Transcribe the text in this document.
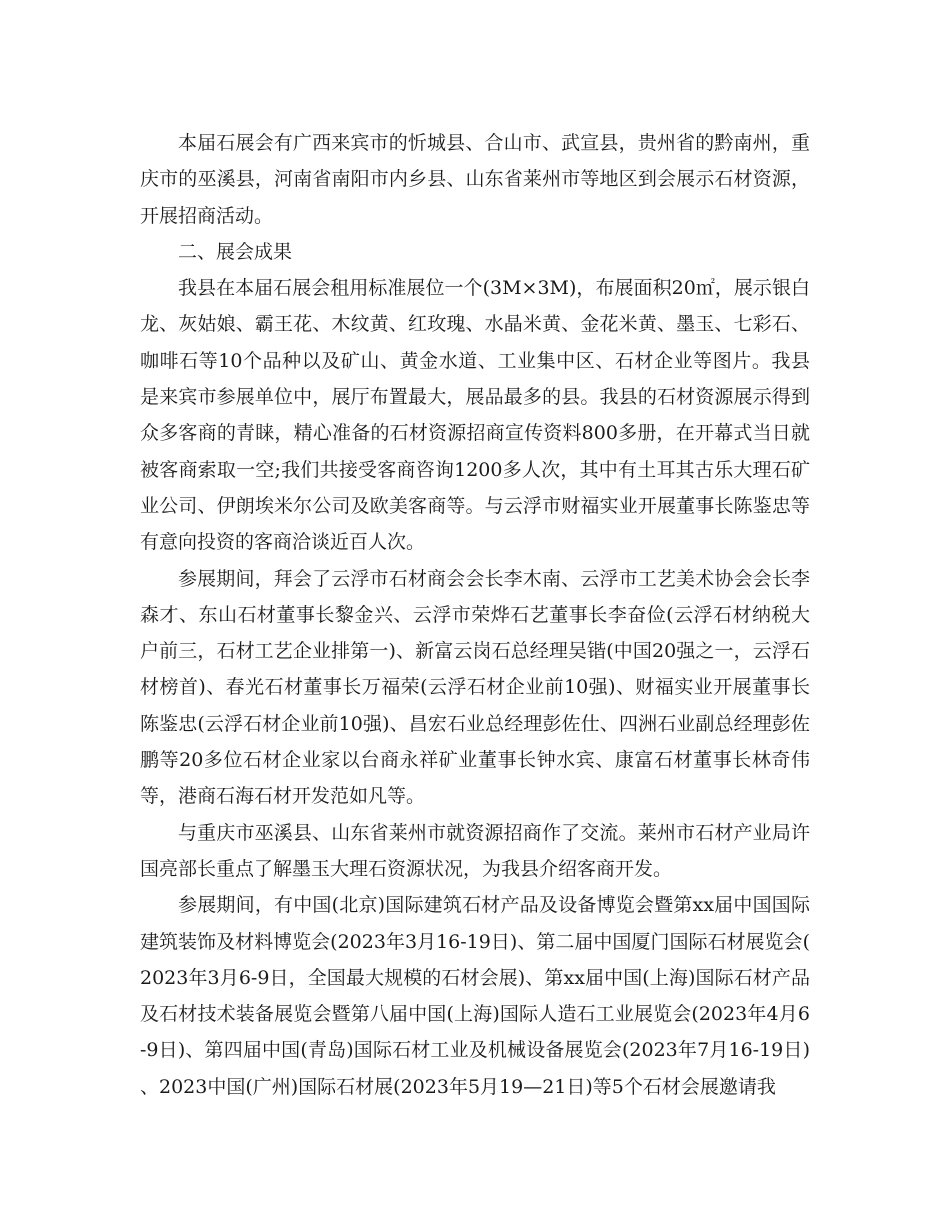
本届石展会有广西来宾市的忻城县、合山市、武宣县，贵州省的黔南州，重庆市的巫溪县，河南省南阳市内乡县、山东省莱州市等地区到会展示石材资源，开展招商活动。

二、展会成果

我县在本届石展会租用标准展位一个(3M×3M)，布展面积20㎡，展示银白龙、灰姑娘、霸王花、木纹黄、红玫瑰、水晶米黄、金花米黄、墨玉、七彩石、咖啡石等10个品种以及矿山、黄金水道、工业集中区、石材企业等图片。我县是来宾市参展单位中，展厅布置最大，展品最多的县。我县的石材资源展示得到众多客商的青睐，精心准备的石材资源招商宣传资料800多册，在开幕式当日就被客商索取一空;我们共接受客商咨询1200多人次，其中有土耳其古乐大理石矿业公司、伊朗埃米尔公司及欧美客商等。与云浮市财福实业开展董事长陈鉴忠等有意向投资的客商洽谈近百人次。

参展期间，拜会了云浮市石材商会会长李木南、云浮市工艺美术协会会长李森才、东山石材董事长黎金兴、云浮市荣烨石艺董事长李奋俭(云浮石材纳税大户前三，石材工艺企业排第一)、新富云岗石总经理吴锴(中国20强之一，云浮石材榜首)、春光石材董事长万福荣(云浮石材企业前10强)、财福实业开展董事长陈鉴忠(云浮石材企业前10强)、昌宏石业总经理彭佐仕、四洲石业副总经理彭佐鹏等20多位石材企业家以台商永祥矿业董事长钟水宾、康富石材董事长林奇伟等，港商石海石材开发范如凡等。

与重庆市巫溪县、山东省莱州市就资源招商作了交流。莱州市石材产业局许国亮部长重点了解墨玉大理石资源状况，为我县介绍客商开发。

参展期间，有中国(北京)国际建筑石材产品及设备博览会暨第xx届中国国际建筑装饰及材料博览会(2023年3月16-19日)、第二届中国厦门国际石材展览会(2023年3月6-9日，全国最大规模的石材会展)、第xx届中国(上海)国际石材产品及石材技术装备展览会暨第八届中国(上海)国际人造石工业展览会(2023年4月6-9日)、第四届中国(青岛)国际石材工业及机械设备展览会(2023年7月16-19日)、2023中国(广州)国际石材展(2023年5月19—21日)等5个石材会展邀请我
